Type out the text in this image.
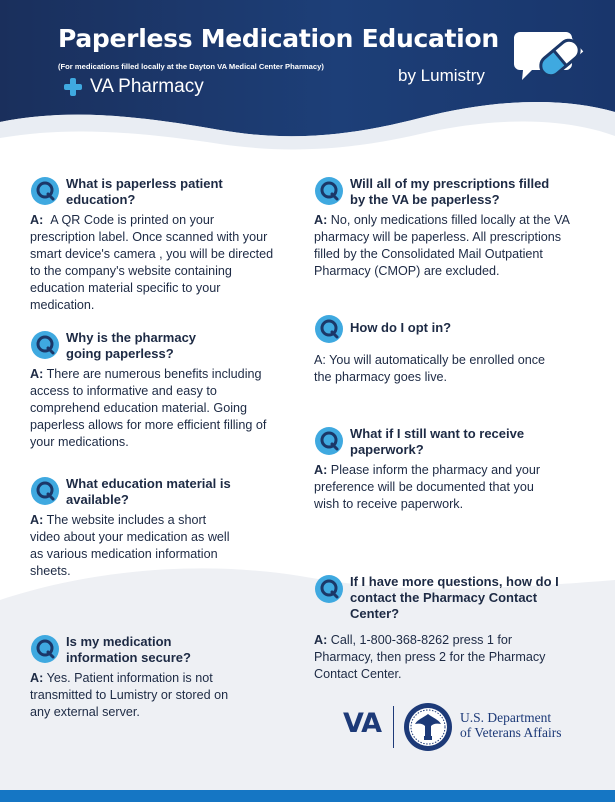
Paperless Medication Education
(For medications filled locally at the Dayton VA Medical Center Pharmacy)
VA Pharmacy
by Lumistry
What is paperless patient education?
A: A QR Code is printed on your prescription label. Once scanned with your smart device's camera , you will be directed to the company's website containing education material specific to your medication.
Why is the pharmacy going paperless?
A: There are numerous benefits including access to informative and easy to comprehend education material. Going paperless allows for more efficient filling of your medications.
What education material is available?
A: The website includes a short video about your medication as well as various medication information sheets.
Is my medication information secure?
A: Yes. Patient information is not transmitted to Lumistry or stored on any external server.
Will all of my prescriptions filled by the VA be paperless?
A: No, only medications filled locally at the VA pharmacy will be paperless. All prescriptions filled by the Consolidated Mail Outpatient Pharmacy (CMOP) are excluded.
How do I opt in?
A: You will automatically be enrolled once the pharmacy goes live.
What if I still want to receive paperwork?
A: Please inform the pharmacy and your preference will be documented that you wish to receive paperwork.
If I have more questions, how do I contact the Pharmacy Contact Center?
A: Call, 1-800-368-8262 press 1 for Pharmacy, then press 2 for the Pharmacy Contact Center.
VA	U.S. Department
of Veterans Affairs
